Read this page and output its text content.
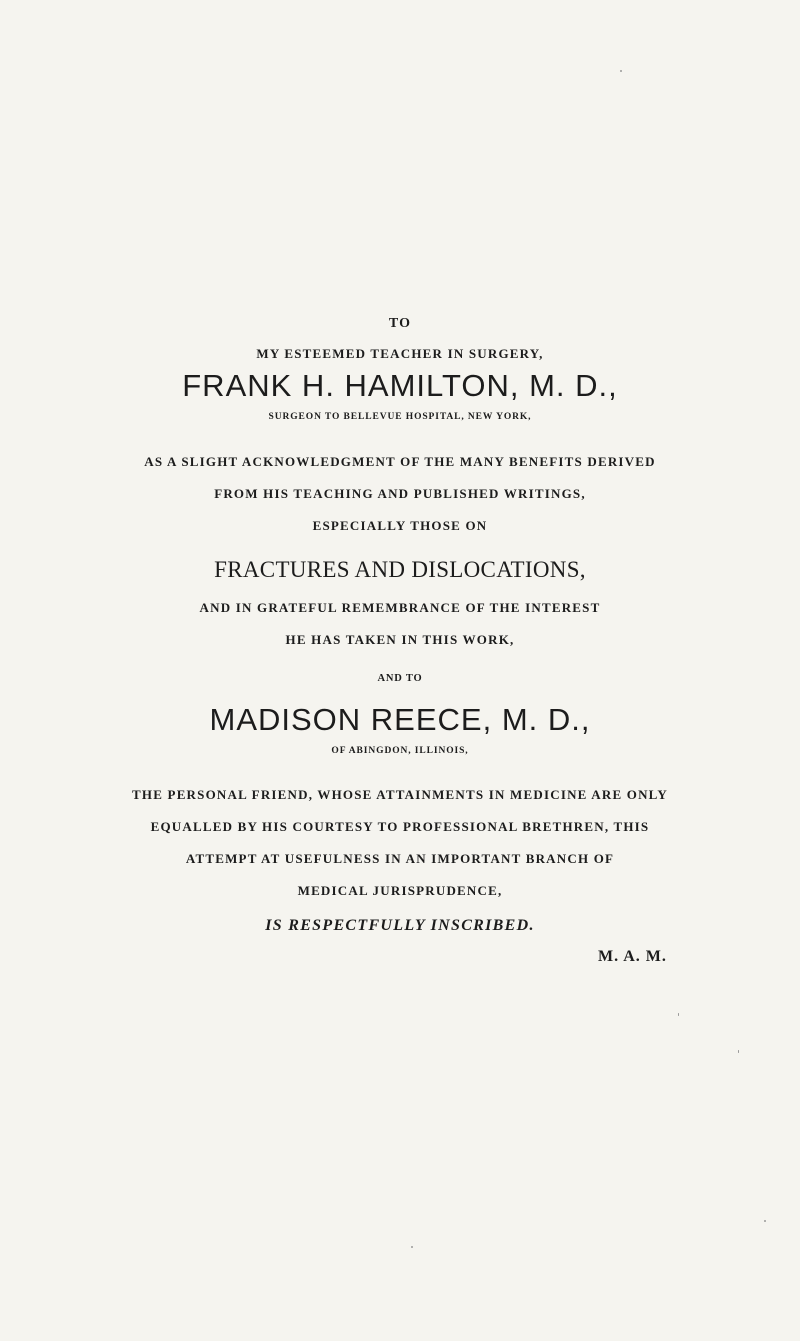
TO
MY ESTEEMED TEACHER IN SURGERY,
FRANK H. HAMILTON, M. D.,
SURGEON TO BELLEVUE HOSPITAL, NEW YORK,
AS A SLIGHT ACKNOWLEDGMENT OF THE MANY BENEFITS DERIVED
FROM HIS TEACHING AND PUBLISHED WRITINGS,
ESPECIALLY THOSE ON
FRACTURES AND DISLOCATIONS,
AND IN GRATEFUL REMEMBRANCE OF THE INTEREST
HE HAS TAKEN IN THIS WORK,
AND TO
MADISON REECE, M. D.,
OF ABINGDON, ILLINOIS,
THE PERSONAL FRIEND, WHOSE ATTAINMENTS IN MEDICINE ARE ONLY
EQUALLED BY HIS COURTESY TO PROFESSIONAL BRETHREN, THIS
ATTEMPT AT USEFULNESS IN AN IMPORTANT BRANCH OF
MEDICAL JURISPRUDENCE,
IS RESPECTFULLY INSCRIBED.
M. A. M.
